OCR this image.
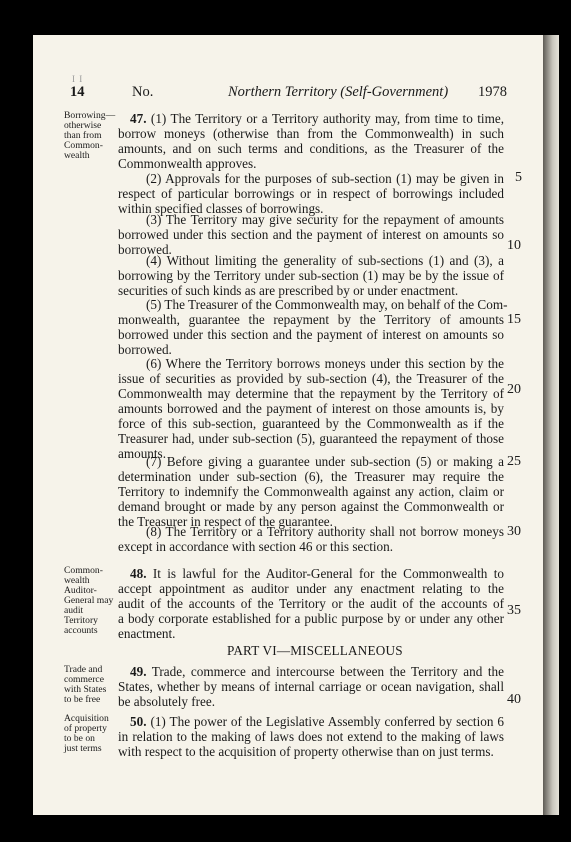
I I
14	No.	Northern Territory (Self-Government) 1978
Borrowing—
otherwise
than from
Common-
wealth
Common-
wealth
Auditor-
General may
audit
Territory
accounts
Trade and
commerce
with States
to be free
Acquisition
of property
to be on
just terms
47. (1) The Territory or a Territory authority may, from time to time,
borrow moneys (otherwise than from the Commonwealth) in such
amounts, and on such terms and conditions, as the Treasurer of the
Commonwealth approves.
(2) Approvals for the purposes of sub-section (1) may be given in
respect of particular borrowings or in respect of borrowings included
within specified classes of borrowings.
(3) The Territory may give security for the repayment of amounts
borrowed under this section and the payment of interest on amounts so
borrowed.
(4) Without limiting the generality of sub-sections (1) and (3), a
borrowing by the Territory under sub-section (1) may be by the issue of
securities of such kinds as are prescribed by or under enactment.
(5) The Treasurer of the Commonwealth may, on behalf of the Com-
monwealth, guarantee the repayment by the Territory of amounts
borrowed under this section and the payment of interest on amounts so
borrowed.
(6) Where the Territory borrows moneys under this section by the
issue of securities as provided by sub-section (4), the Treasurer of the
Commonwealth may determine that the repayment by the Territory of
amounts borrowed and the payment of interest on those amounts is, by
force of this sub-section, guaranteed by the Commonwealth as if the
Treasurer had, under sub-section (5), guaranteed the repayment of those
amounts.
(7) Before giving a guarantee under sub-section (5) or making a
determination under sub-section (6), the Treasurer may require the
Territory to indemnify the Commonwealth against any action, claim or
demand brought or made by any person against the Commonwealth or
the Treasurer in respect of the guarantee.
(8) The Territory or a Territory authority shall not borrow moneys
except in accordance with section 46 or this section.
48. It is lawful for the Auditor-General for the Commonwealth to
accept appointment as auditor under any enactment relating to the
audit of the accounts of the Territory or the audit of the accounts of
a body corporate established for a public purpose by or under any other
enactment.
PART VI—MISCELLANEOUS
49. Trade, commerce and intercourse between the Territory and the
States, whether by means of internal carriage or ocean navigation, shall
be absolutely free.
50. (1) The power of the Legislative Assembly conferred by section 6
in relation to the making of laws does not extend to the making of laws
with respect to the acquisition of property otherwise than on just terms.
5
10
15
20
25
30
35
40
